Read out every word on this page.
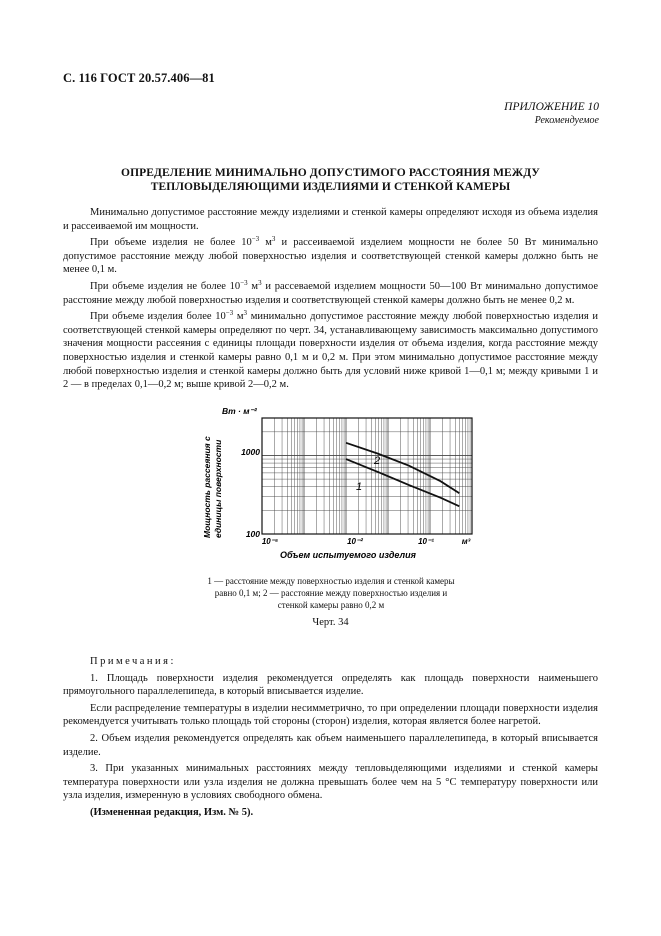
С. 116 ГОСТ 20.57.406—81
ПРИЛОЖЕНИЕ 10
Рекомендуемое
ОПРЕДЕЛЕНИЕ МИНИМАЛЬНО ДОПУСТИМОГО РАССТОЯНИЯ МЕЖДУ
ТЕПЛОВЫДЕЛЯЮЩИМИ ИЗДЕЛИЯМИ И СТЕНКОЙ КАМЕРЫ

Минимально допустимое расстояние между изделиями и стенкой камеры определяют исходя из объема изделия и рассеиваемой им мощности.

При объеме изделия не более $10^{-3}$ $м^3$ и рассеиваемой изделием мощности не более 50 Вт минимально допустимое расстояние между любой поверхностью изделия и соответствующей стенкой камеры должно быть не менее 0,1 м.

При объеме изделия не более $10^{-3}$ $м^3$ и рассеваемой изделием мощности 50—100 Вт минимально допустимое расстояние между любой поверхностью изделия и соответствующей стенкой камеры должно быть не менее 0,2 м.

При объеме изделия более $10^{-3}$ $м^3$ минимально допустимое расстояние между любой поверхностью изделия и соответствующей стенкой камеры определяют по черт. 34, устанавливающему зависимость максимально допустимого значения мощности рассеяния с единицы площади поверхности изделия от объема изделия, когда расстояние между поверхностью изделия и стенкой камеры равно 0,1 м и 0,2 м. При этом минимально допустимое расстояние между любой поверхностью изделия и стенкой камеры должно быть для условий ниже кривой 1—0,1 м; между кривыми 1 и 2 — в пределах 0,1—0,2 м; выше кривой 2—0,2 м.

Мощность рассеяния с единицы поверхности
Вт · м⁻²
1000
100
10⁻⁵	10⁻²	10⁻¹	м³
Объем испытуемого изделия
1
2
1 — расстояние между поверхностью изделия и стенкой камеры
равно 0,1 м; 2 — расстояние между поверхностью изделия и
стенкой камеры равно 0,2 м
Черт. 34

Примечания:

1. Площадь поверхности изделия рекомендуется определять как площадь поверхности наименьшего прямоугольного параллелепипеда, в который вписывается изделие.

Если распределение температуры в изделии несимметрично, то при определении площади поверхности изделия рекомендуется учитывать только площадь той стороны (сторон) изделия, которая является более нагретой.

2. Объем изделия рекомендуется определять как объем наименьшего параллелепипеда, в который вписывается изделие.

3. При указанных минимальных расстояниях между тепловыделяющими изделиями и стенкой камеры температура поверхности или узла изделия не должна превышать более чем на 5 °С температуру поверхности или узла изделия, измеренную в условиях свободного обмена.

(Измененная редакция, Изм. № 5).
